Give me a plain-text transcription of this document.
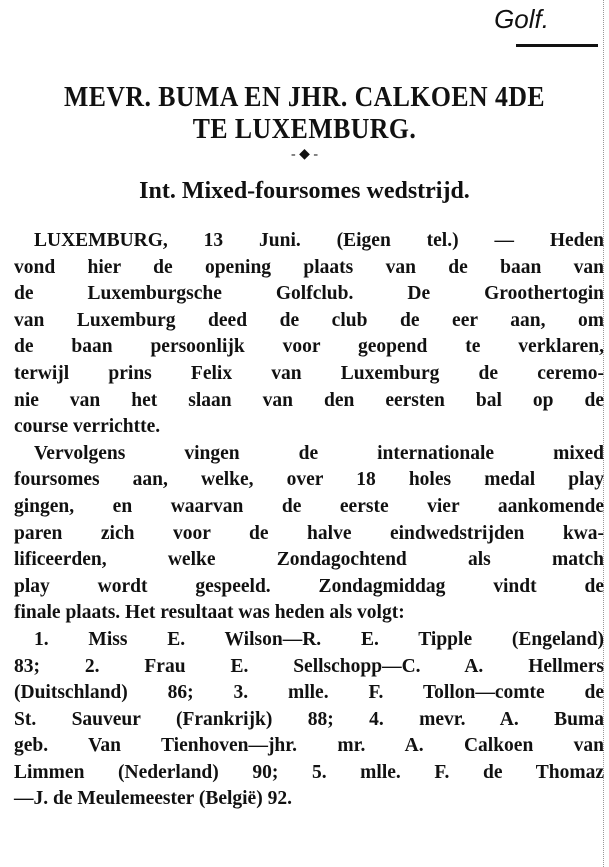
Golf.
MEVR. BUMA EN JHR. CALKOEN 4DE
TE LUXEMBURG.
- ◆ -
Int. Mixed-foursomes wedstrijd.

LUXEMBURG, 13 Juni. (Eigen tel.) — Heden
vond hier de opening plaats van de baan van
de Luxemburgsche Golfclub. De Groothertogin
van Luxemburg deed de club de eer aan, om
de baan persoonlijk voor geopend te verklaren,
terwijl prins Felix van Luxemburg de ceremo-
nie van het slaan van den eersten bal op de
course verrichtte.

Vervolgens vingen de internationale mixed
foursomes aan, welke, over 18 holes medal play
gingen, en waarvan de eerste vier aankomende
paren zich voor de halve eindwedstrijden kwa-
lificeerden, welke Zondagochtend als match
play wordt gespeeld. Zondagmiddag vindt de
finale plaats. Het resultaat was heden als volgt:

1. Miss E. Wilson—R. E. Tipple (Engeland)
83; 2. Frau E. Sellschopp—C. A. Hellmers
(Duitschland) 86; 3. mlle. F. Tollon—comte de
St. Sauveur (Frankrijk) 88; 4. mevr. A. Buma
geb. Van Tienhoven—jhr. mr. A. Calkoen van
Limmen (Nederland) 90; 5. mlle. F. de Thomaz
—J. de Meulemeester (België) 92.
